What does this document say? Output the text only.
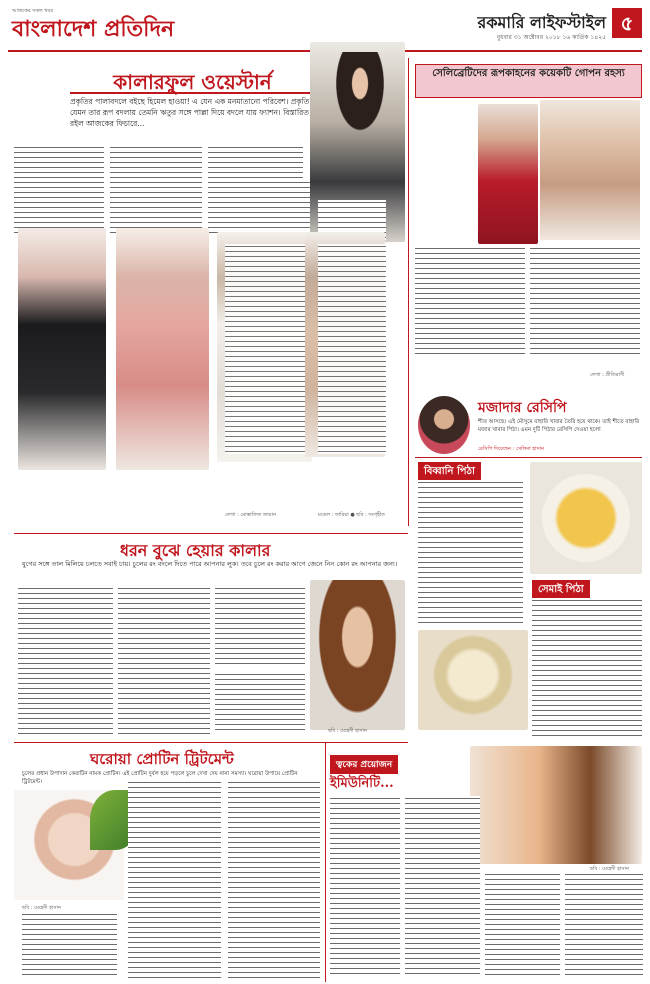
আজকের সকল খবর
বাংলাদেশ প্রতিদিন	রকমারি লাইফস্টাইল
বুধবার ৩১ অক্টোবর ২০১৮ ১৬ কার্তিক ১৪২৫
৫
কালারফুল ওয়েস্টার্ন
প্রকৃতির পালাবদলে বইছে হিমেল হাওয়া! এ যেন এক মনমাতানো পরিবেশ। প্রকৃতি যেমন তার রূপ বদলায় তেমনি ঋতুর সঙ্গে পাল্লা দিয়ে বদলে যায় ফ্যাশন। বিস্তারিত রইল আজকের ফিচারে...
মডেল : ফারিয়া ● ছবি : সংগৃহীত
লেখা : মোস্তাফিজ জামান
সেলিব্রেটিদের রূপকাহনের কয়েকটি গোপন রহস্য
লেখা : প্রীতিরাণী
মজাদার রেসিপি
শীত আসছে। এই মৌসুমে বাহারি খাবার তৈরি হয়ে থাকে। তাই শীতে বাহারি মজার খাবার পিঠা। এমন দুটি পিঠার রেসিপি দেওয়া হলো
রেসিপি দিয়েছেন : সেলিনা হাসান
বিব্বানি পিঠা
সেমাই পিঠা
ধরন বুঝে হেয়ার কালার
যুগের সঙ্গে তাল মিলিয়ে চলতে সবাই চায়। চুলের রং বদলে দিতে পারে আপনার লুক। তবে চুলে রং করার আগে জেনে নিন কোন রং আপনার জন্য।
ছবি : মেহেদী হাসান
ঘরোয়া প্রোটিন ট্রিটমেন্ট
চুলের প্রধান উপাদান কেরাটিন নামক প্রোটিন। এই প্রোটিন দুর্বল হয়ে পড়লে চুলে দেখা দেয় নানা সমস্যা। ঘরোয়া উপায়ে প্রোটিন ট্রিটমেন্ট।
ছবি : মেহেদী হাসান
ত্বকের প্রয়োজন
ইমিউনিটি...
ছবি : মেহেদী হাসান
